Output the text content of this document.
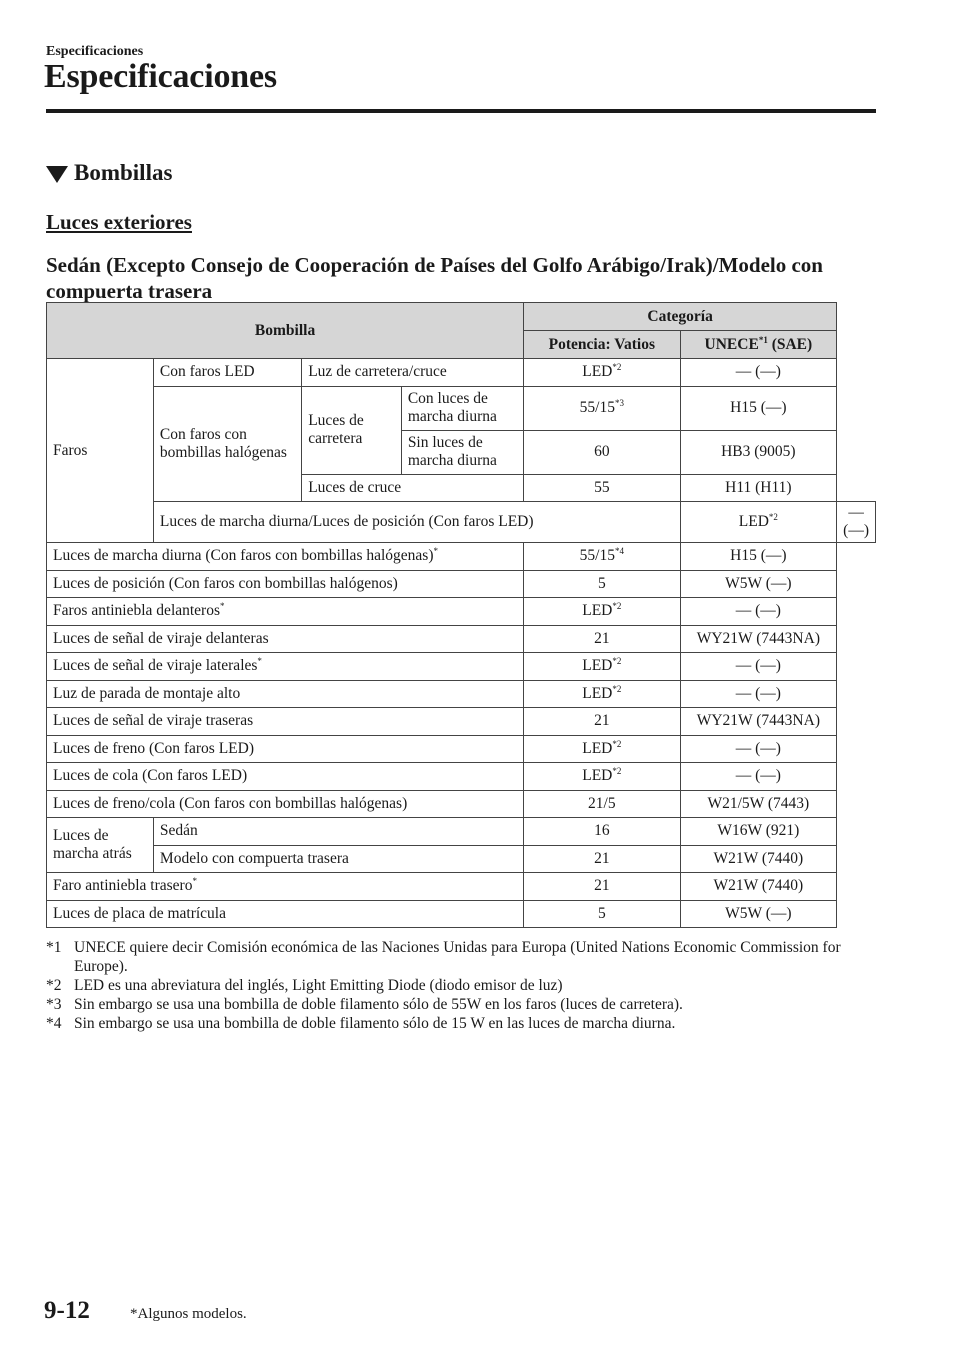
Especificaciones
Especificaciones
Bombillas
Luces exteriores
Sedán (Excepto Consejo de Cooperación de Países del Golfo Arábigo/Irak)/Modelo con compuerta trasera
Bombilla				Categoría		
				Potencia: Vatios	UNECE$^{*1}$ (SAE)	
Faros	Con faros LED	Luz de carretera/cruce		LED$^{*2}$	— (—)	
	Con faros con bombillas halógenas	Luces de carretera	Con luces de marcha diurna	55/15$^{*3}$	H15 (—)	
			Sin luces de marcha diurna	60	HB3 (9005)	
		Luces de cruce		55	H11 (H11)	
	Luces de marcha diurna/Luces de posición (Con faros LED)				LED$^{*2}$	— (—)
Luces de marcha diurna (Con faros con bombillas halógenas)*				55/15$^{*4}$	H15 (—)	
Luces de posición (Con faros con bombillas halógenos)				5	W5W (—)	
Faros antiniebla delanteros*				LED$^{*2}$	— (—)	
Luces de señal de viraje delanteras				21	WY21W (7443NA)	
Luces de señal de viraje laterales*				LED$^{*2}$	— (—)	
Luz de parada de montaje alto				LED$^{*2}$	— (—)	
Luces de señal de viraje traseras				21	WY21W (7443NA)	
Luces de freno (Con faros LED)				LED$^{*2}$	— (—)	
Luces de cola (Con faros LED)				LED$^{*2}$	— (—)	
Luces de freno/cola (Con faros con bombillas halógenas)				21/5	W21/5W (7443)	
Luces de marcha atrás	Sedán			16	W16W (921)	
	Modelo con compuerta trasera			21	W21W (7440)	
Faro antiniebla trasero*				21	W21W (7440)	
Luces de placa de matrícula				5	W5W (—)	
*1 UNECE quiere decir Comisión económica de las Naciones Unidas para Europa (United Nations Economic Commission for Europe).
*2 LED es una abreviatura del inglés, Light Emitting Diode (diodo emisor de luz)
*3 Sin embargo se usa una bombilla de doble filamento sólo de 55W en los faros (luces de carretera).
*4 Sin embargo se usa una bombilla de doble filamento sólo de 15 W en las luces de marcha diurna.
9-12	*Algunos modelos.
